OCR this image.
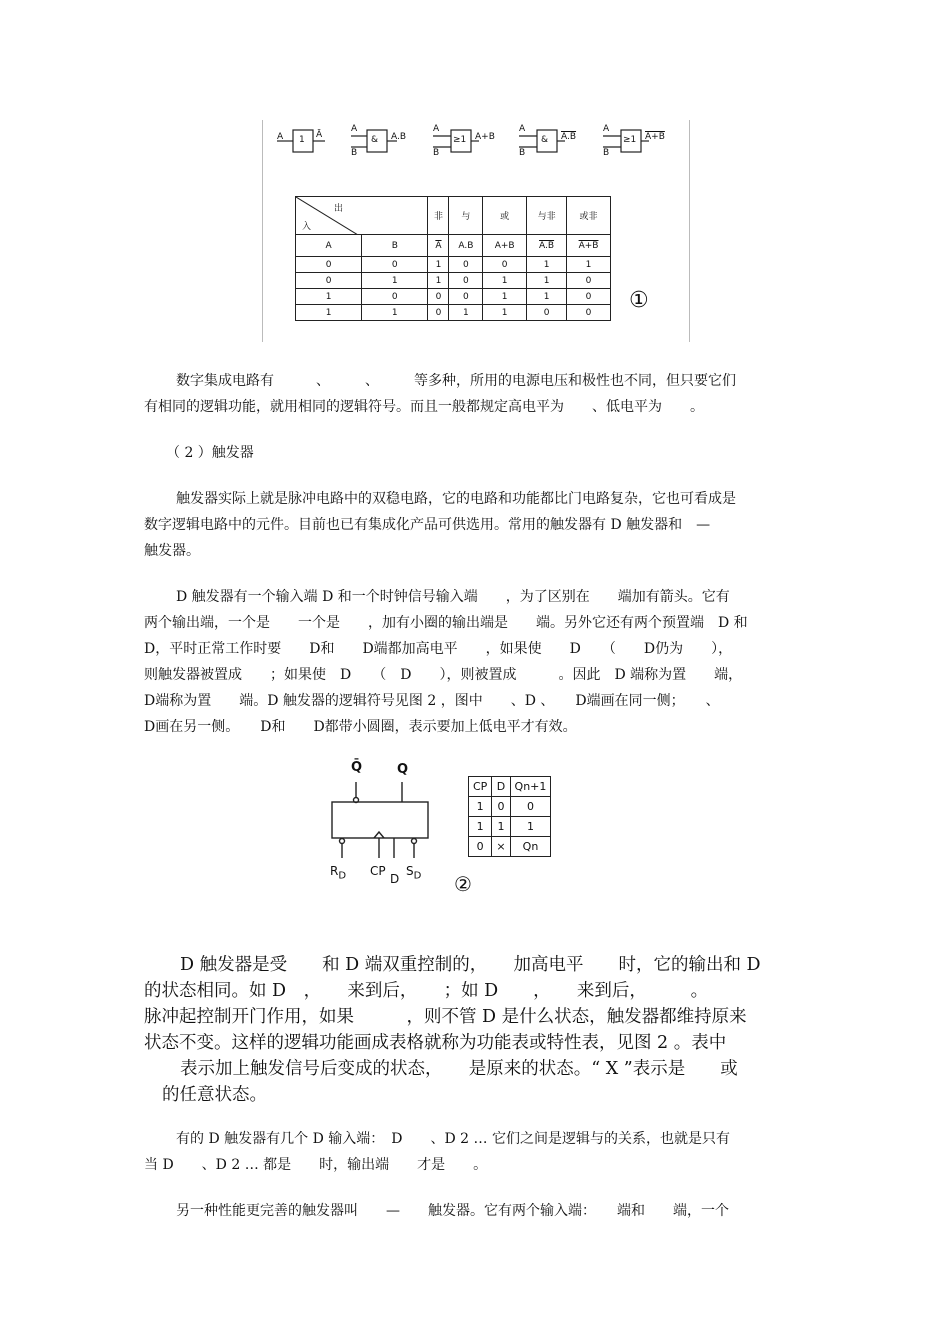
A 1 Ā
A
B
& A.B
A
B
≥1 A+B
A
B
& A.B
A
B
≥1 A+B
出
入		非	与	或	与非	或非
A	B	$\overline{A}$	A.B	A+B	A.B	A+B
0	0	1	0	0	1	1
0	1	1	0	1	1	0
1	0	0	0	1	1	0
1	1	0	1	1	0	0 ①
数字集成电路有　　　、　　　、　　　等多种，所用的电源电压和极性也不同，但只要它们
有相同的逻辑功能，就用相同的逻辑符号。而且一般都规定高电平为　　、低电平为　　。
（ 2 ）触发器
触发器实际上就是脉冲电路中的双稳电路，它的电路和功能都比门电路复杂，它也可看成是
数字逻辑电路中的元件。目前也已有集成化产品可供选用。常用的触发器有 D 触发器和　—
触发器。
D 触发器有一个输入端 D 和一个时钟信号输入端　　，为了区别在　　端加有箭头。它有
两个输出端，一个是　　一个是　　，加有小圈的输出端是　　端。另外它还有两个预置端　D 和
D，平时正常工作时要　　D和　　D端都加高电平　　，如果使　　D　　（　　D仍为　　），
则触发器被置成　　；如果使　D　　（　D　　），则被置成　　　。因此　D 端称为置　　端，
D端称为置　　端。D 触发器的逻辑符号见图 2 ，图中　　、D 、　　D端画在同一侧；　　、
D画在另一侧。　　D和　　D都带小圆圈，表示要加上低电平才有效。
Q̄	Q
$R_D$ CP
D
$S_D$ ②
CP	D	Qn+1
1	0	0
1	1	1
0	×	Qn
D 触发器是受　　和 D 端双重控制的，　　加高电平　　时，它的输出和 D
的状态相同。如 D　，　　来到后，　　；如 D　　，　　来到后，　　　。
脉冲起控制开门作用，如果　　　，则不管 D 是什么状态，触发器都维持原来
状态不变。这样的逻辑功能画成表格就称为功能表或特性表，见图 2 。表中
表示加上触发信号后变成的状态，　　是原来的状态。“ X ”表示是　　或
的任意状态。
有的 D 触发器有几个 D 输入端：　D　　、D 2 … 它们之间是逻辑与的关系，也就是只有
当 D　　、D 2 … 都是　　时，输出端　　才是　　。
另一种性能更完善的触发器叫　　—　　触发器。它有两个输入端：　　端和　　端，一个
